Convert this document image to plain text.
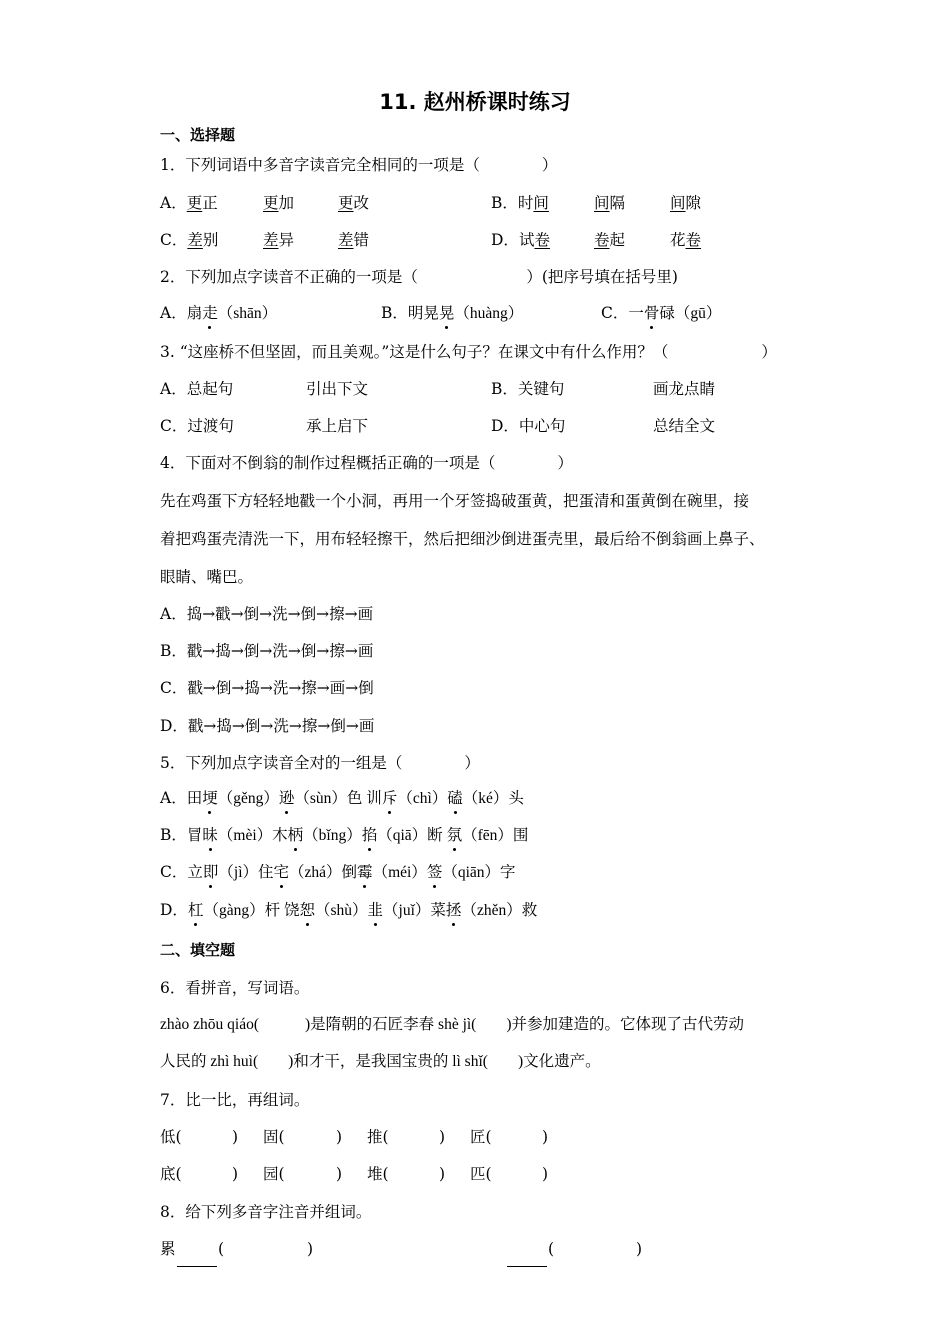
11. 赵州桥课时练习
一、选择题
1．下列词语中多音字读音完全相同的一项是（　　　　）
A．更正	更加	更改	B．时间	间隔	间隙
C．差别	差异	差错	D．试卷	卷起	花卷
2．下列加点字读音不正确的一项是（　　　　　　　）(把序号填在括号里)
A．扇走（shān）	B．明晃晃（huàng）	C．一骨碌（gū）
3. “这座桥不但坚固，而且美观。”这是什么句子？在课文中有什么作用？（　　　　　　）
A．总起句	引出下文	B．关键句	画龙点睛
C．过渡句	承上启下	D．中心句	总结全文
4．下面对不倒翁的制作过程概括正确的一项是（　　　　）
先在鸡蛋下方轻轻地戳一个小洞，再用一个牙签捣破蛋黄，把蛋清和蛋黄倒在碗里，接
着把鸡蛋壳清洗一下，用布轻轻擦干，然后把细沙倒进蛋壳里，最后给不倒翁画上鼻子、
眼睛、嘴巴。
A．捣→戳→倒→洗→倒→擦→画
B．戳→捣→倒→洗→倒→擦→画
C．戳→倒→捣→洗→擦→画→倒
D．戳→捣→倒→洗→擦→倒→画
5．下列加点字读音全对的一组是（　　　　）
A．田埂（gěng）逊（sùn）色 训斥（chì）磕（ké）头
B．冒昧（mèi）木柄（bǐng）掐（qiā）断 氛（fēn）围
C．立即（jì）住宅（zhá）倒霉（méi）签（qiān）字
D．杠（gàng）杆 饶恕（shù）韭（juǐ）菜拯（zhěn）救
二、填空题
6．看拼音，写词语。
zhào zhōu qiáo(	)是隋朝的石匠李春 shè jì( )并参加建造的。它体现了古代劳动
人民的 zhì huì( )和才干，是我国宝贵的 lì shǐ( )文化遗产。
7．比一比，再组词。
低(	) 固(	) 推(	) 匠(	)
底(	) 园(	) 堆(	) 匹(	)
8．给下列多音字注音并组词。
累	(	)	(	)
